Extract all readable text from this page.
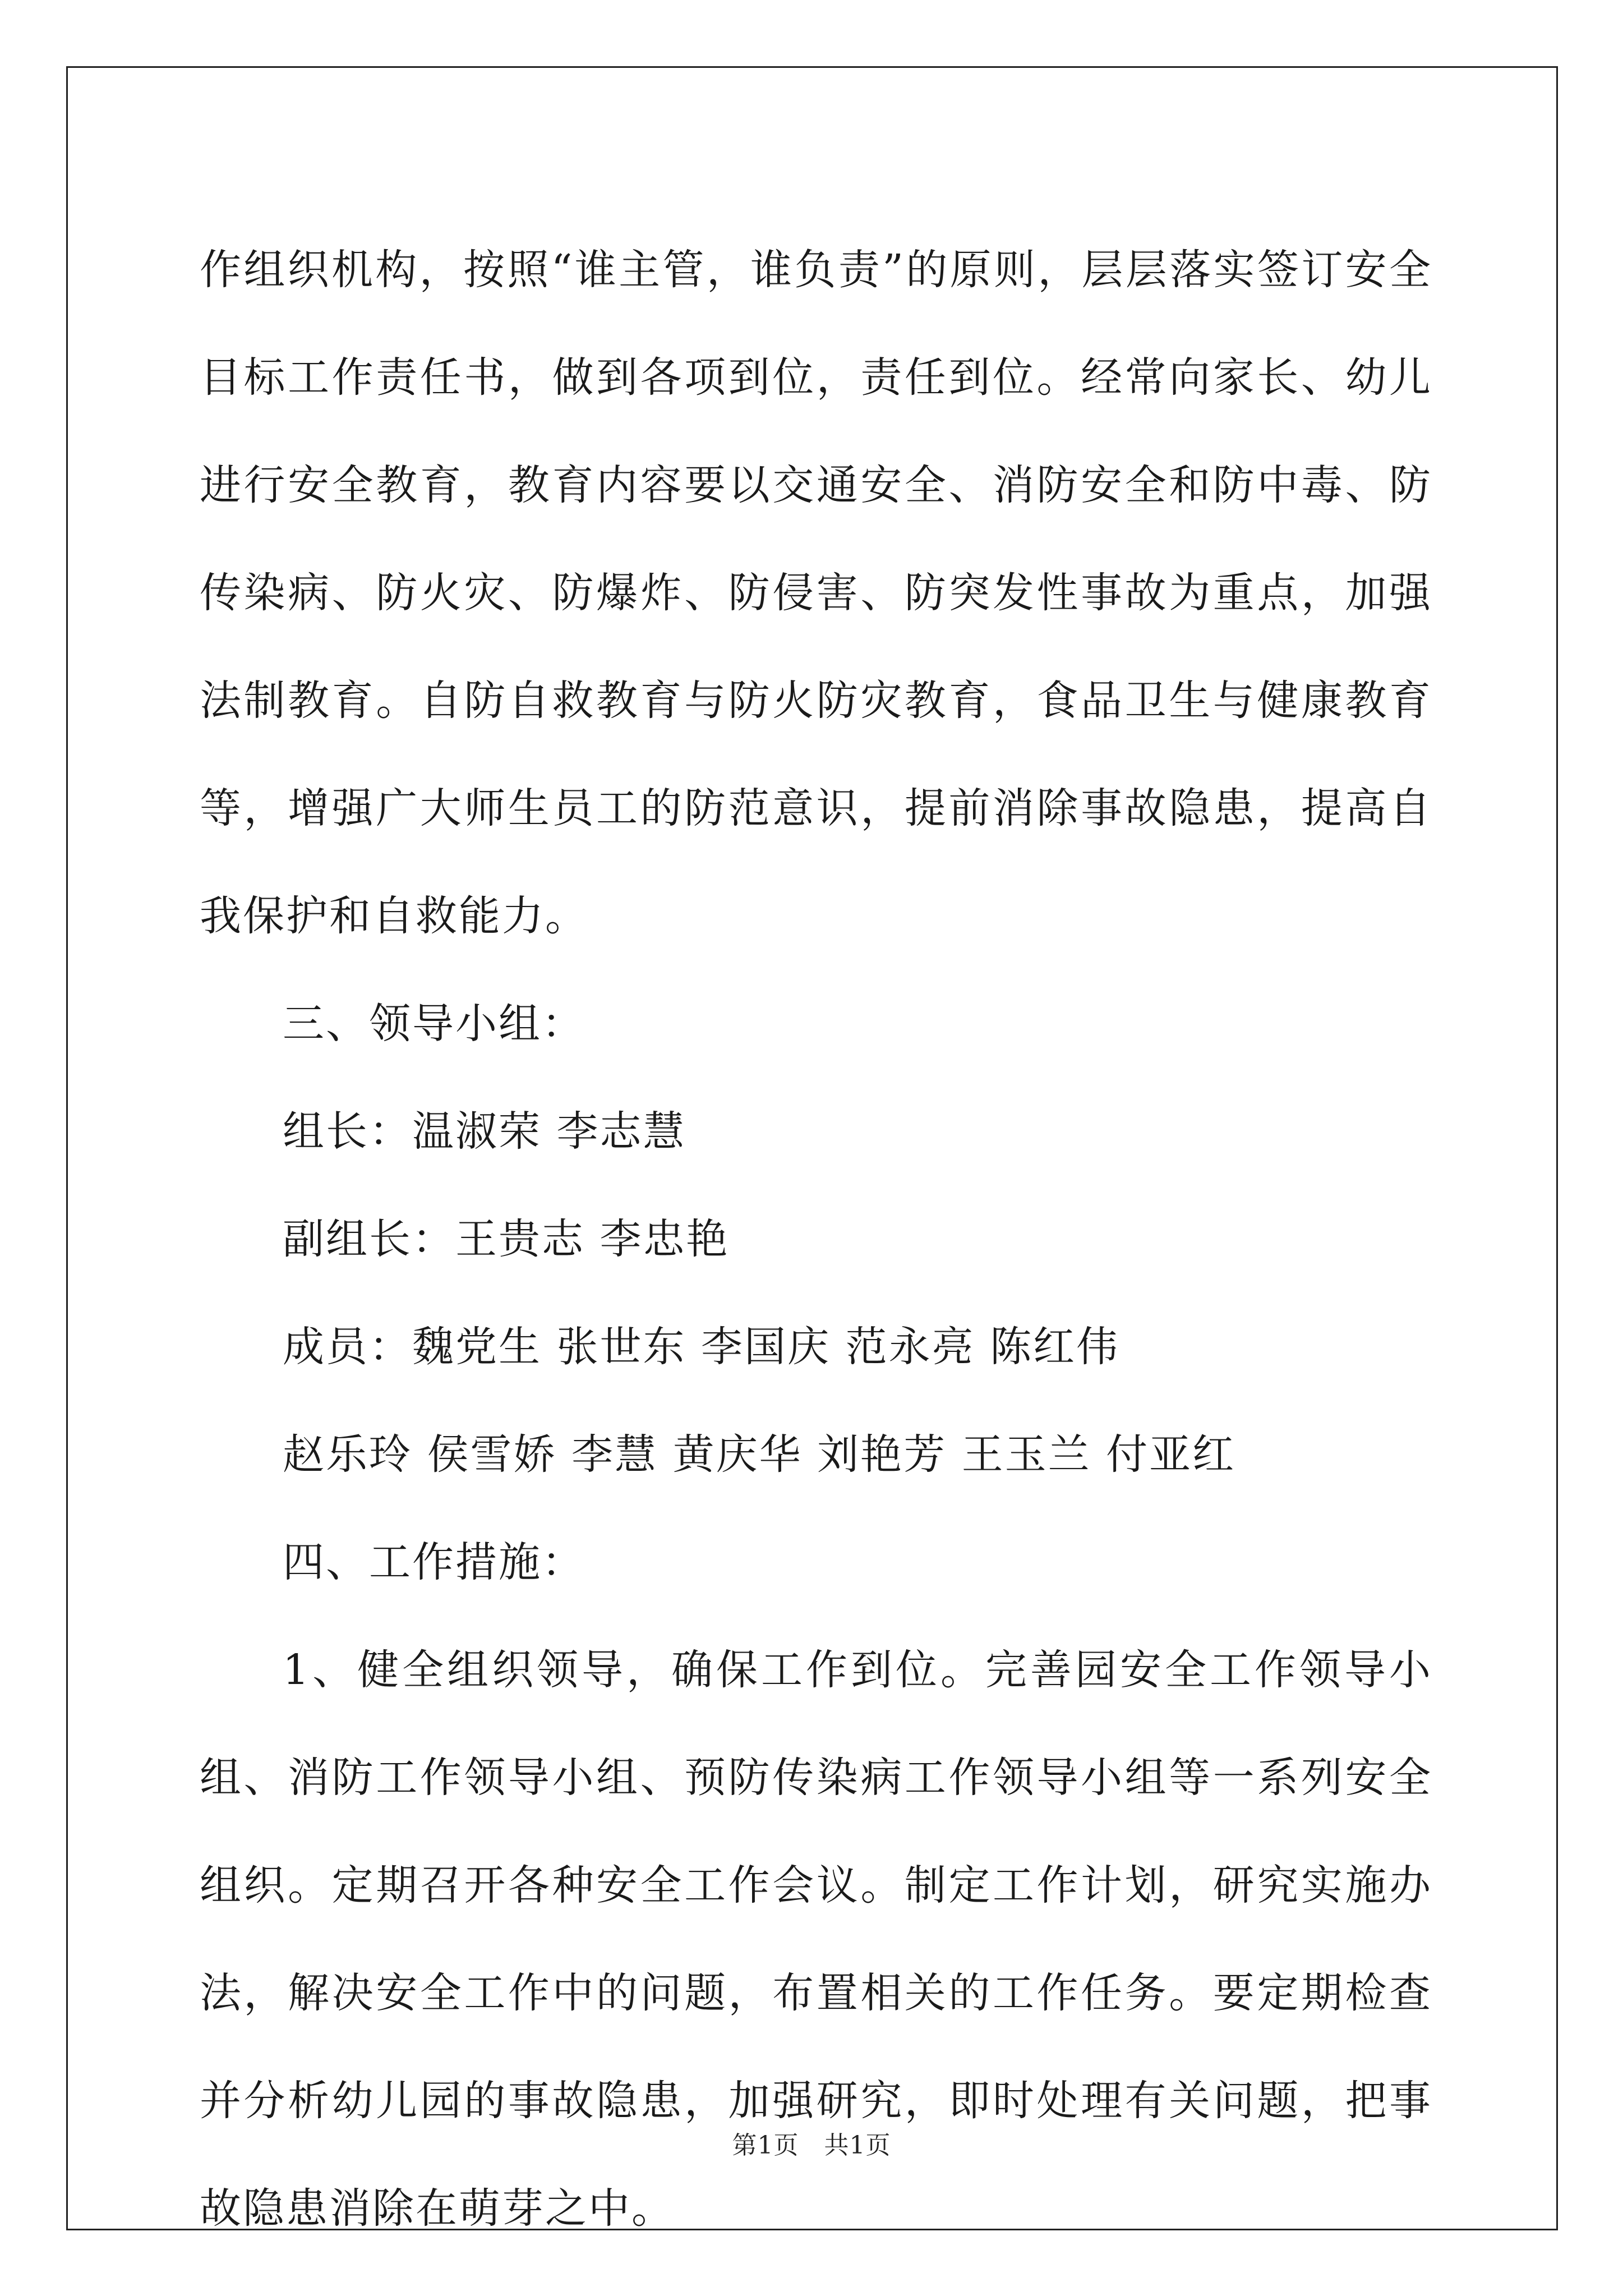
作组织机构，按照“谁主管，谁负责”的原则，层层落实签订安全目标工作责任书，做到各项到位，责任到位。经常向家长、幼儿进行安全教育，教育内容要以交通安全、消防安全和防中毒、防传染病、防火灾、防爆炸、防侵害、防突发性事故为重点，加强法制教育。自防自救教育与防火防灾教育，食品卫生与健康教育等，增强广大师生员工的防范意识，提前消除事故隐患，提高自我保护和自救能力。

三、领导小组：

组长：温淑荣 李志慧

副组长：王贵志 李忠艳

成员：魏党生 张世东 李国庆 范永亮 陈红伟

赵乐玲 侯雪娇 李慧 黄庆华 刘艳芳 王玉兰 付亚红

四、工作措施：

1、健全组织领导，确保工作到位。完善园安全工作领导小组、消防工作领导小组、预防传染病工作领导小组等一系列安全组织。定期召开各种安全工作会议。制定工作计划，研究实施办法，解决安全工作中的问题，布置相关的工作任务。要定期检查并分析幼儿园的事故隐患，加强研究，即时处理有关问题，把事故隐患消除在萌芽之中。

第1页   共1页
